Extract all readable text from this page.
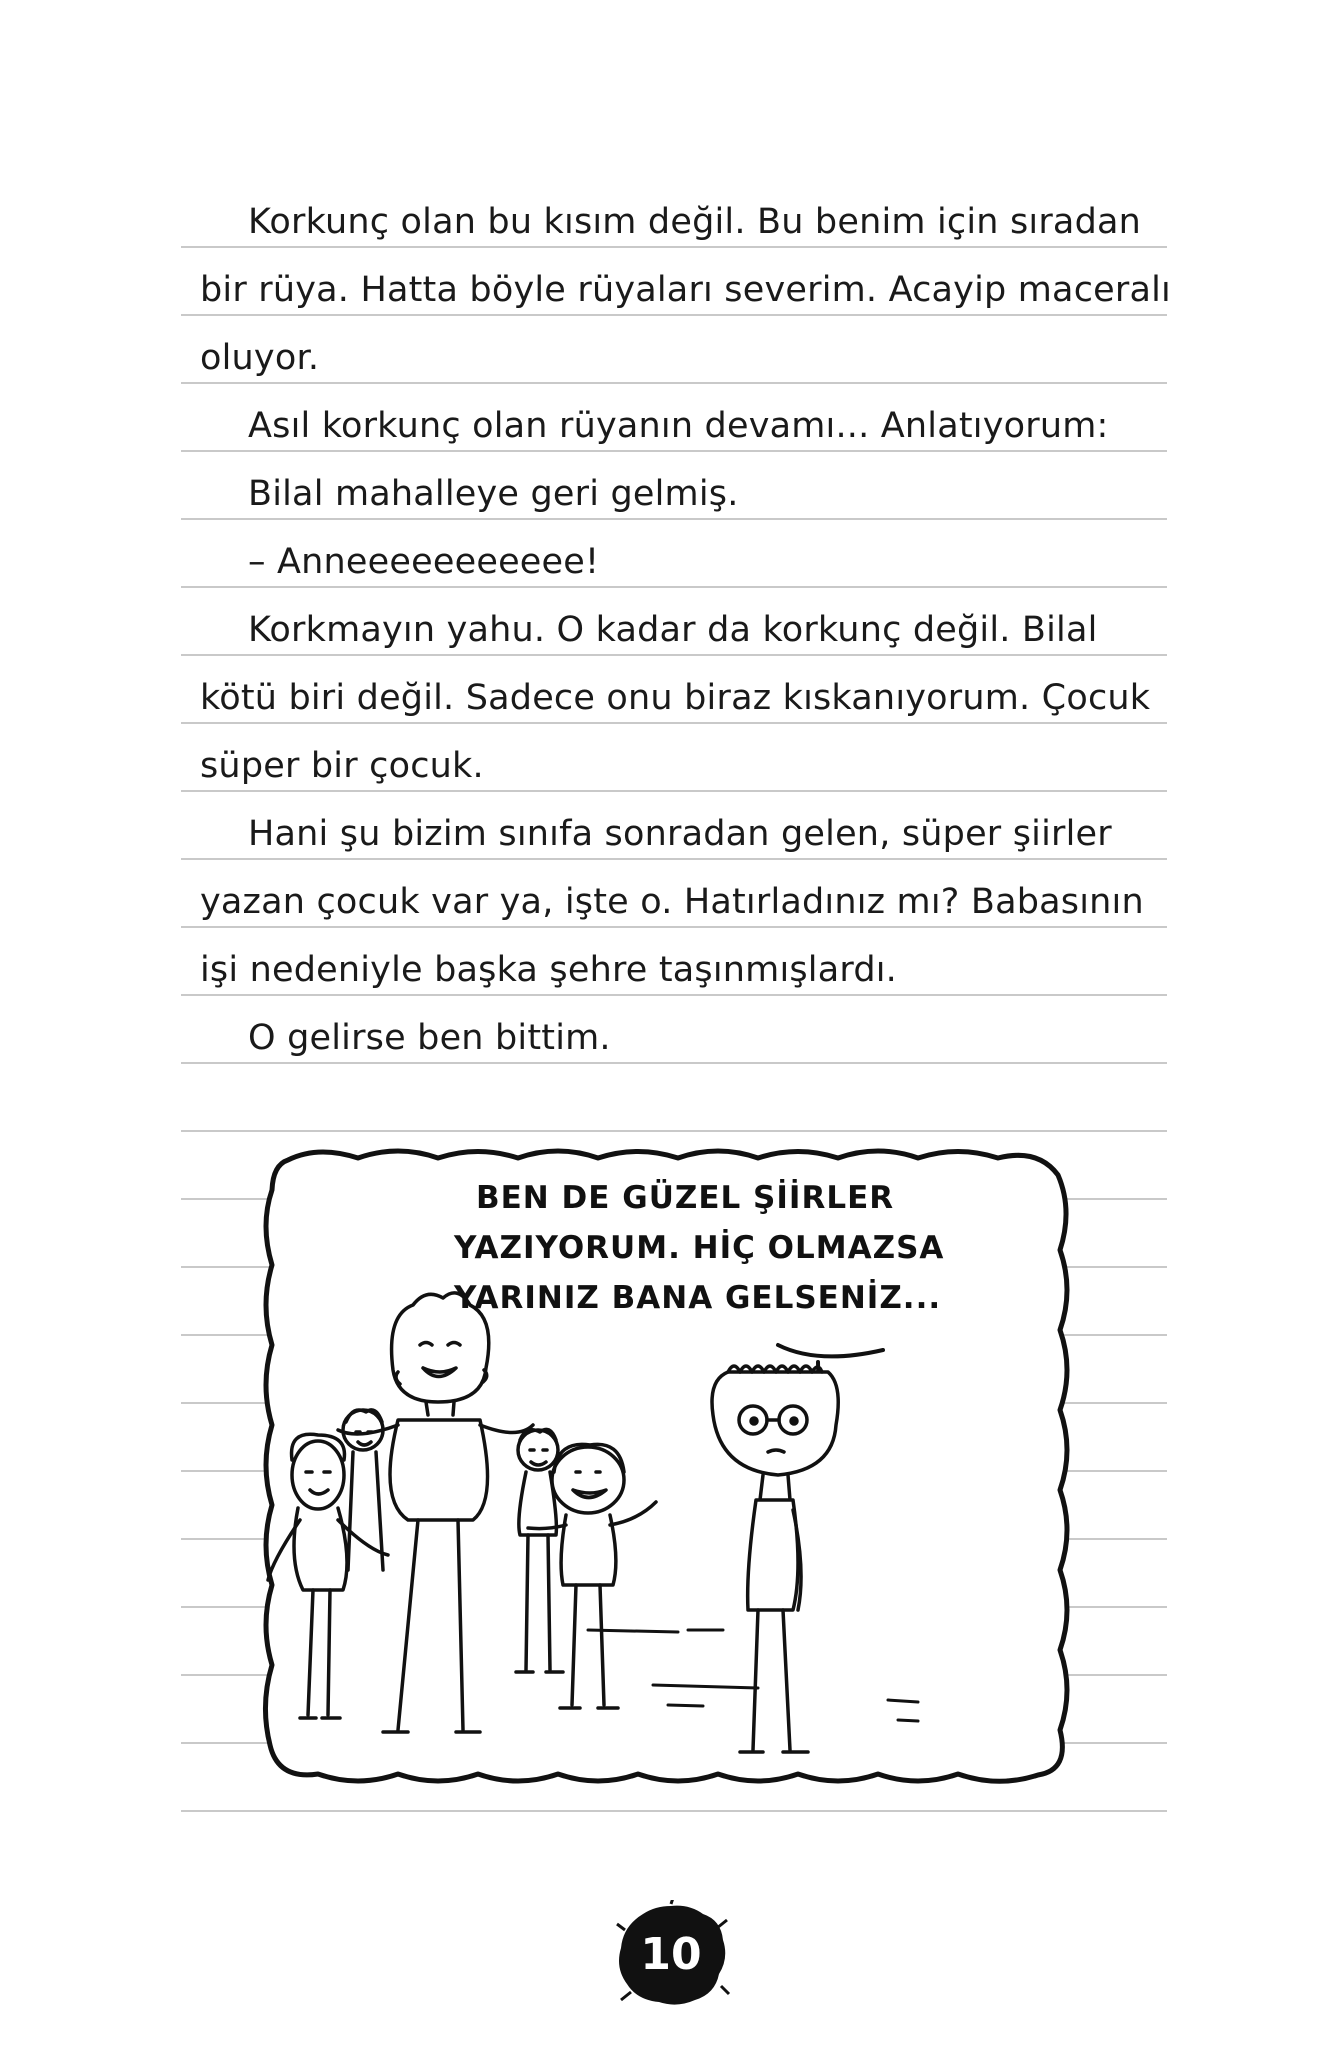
Korkunç olan bu kısım değil. Bu benim için sıradan
bir rüya. Hatta böyle rüyaları severim. Acayip maceralı
oluyor.
Asıl korkunç olan rüyanın devamı... Anlatıyorum:
Bilal mahalleye geri gelmiş.
– Anneeeeeeeeeee!
Korkmayın yahu. O kadar da korkunç değil. Bilal
kötü biri değil. Sadece onu biraz kıskanıyorum. Çocuk
süper bir çocuk.
Hani şu bizim sınıfa sonradan gelen, süper şiirler
yazan çocuk var ya, işte o. Hatırladınız mı? Babasının
işi nedeniyle başka şehre taşınmışlardı.
O gelirse ben bittim.
BEN DE GÜZEL ŞİİRLER
YAZIYORUM. HİÇ OLMAZSA
YARINIZ BANA GELSENİZ...
10
